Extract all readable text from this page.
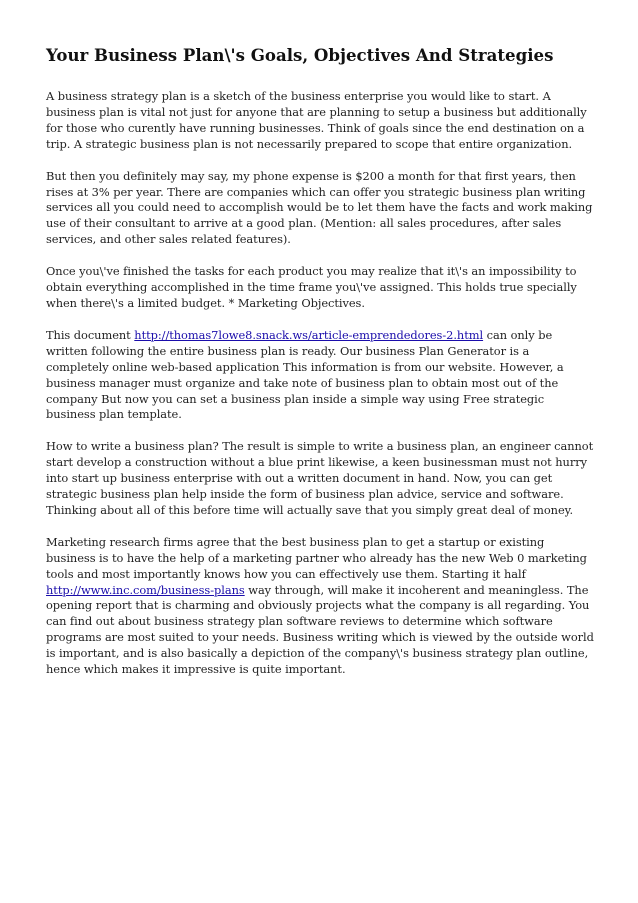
Your Business Plan\'s Goals, Objectives And Strategies

A business strategy plan is a sketch of the business enterprise you would like to start. A business plan is vital not just for anyone that are planning to setup a business but additionally for those who curently have running businesses. Think of goals since the end destination on a trip. A strategic business plan is not necessarily prepared to scope that entire organization.

But then you definitely may say, my phone expense is $200 a month for that first years, then rises at 3% per year. There are companies which can offer you strategic business plan writing services all you could need to accomplish would be to let them have the facts and work making use of their consultant to arrive at a good plan. (Mention: all sales procedures, after sales services, and other sales related features).

Once you\'ve finished the tasks for each product you may realize that it\'s an impossibility to obtain everything accomplished in the time frame you\'ve assigned. This holds true specially when there\'s a limited budget. * Marketing Objectives.

This document http://thomas7lowe8.snack.ws/article-emprendedores-2.html can only be written following the entire business plan is ready. Our business Plan Generator is a completely online web-based application This information is from our website. However, a business manager must organize and take note of business plan to obtain most out of the company But now you can set a business plan inside a simple way using Free strategic business plan template.

How to write a business plan? The result is simple to write a business plan, an engineer cannot start develop a construction without a blue print likewise, a keen businessman must not hurry into start up business enterprise with out a written document in hand. Now, you can get strategic business plan help inside the form of business plan advice, service and software. Thinking about all of this before time will actually save that you simply great deal of money.

Marketing research firms agree that the best business plan to get a startup or existing business is to have the help of a marketing partner who already has the new Web 0 marketing tools and most importantly knows how you can effectively use them. Starting it half http://www.inc.com/business-plans way through, will make it incoherent and meaningless. The opening report that is charming and obviously projects what the company is all regarding. You can find out about business strategy plan software reviews to determine which software programs are most suited to your needs. Business writing which is viewed by the outside world is important, and is also basically a depiction of the company\'s business strategy plan outline, hence which makes it impressive is quite important.
